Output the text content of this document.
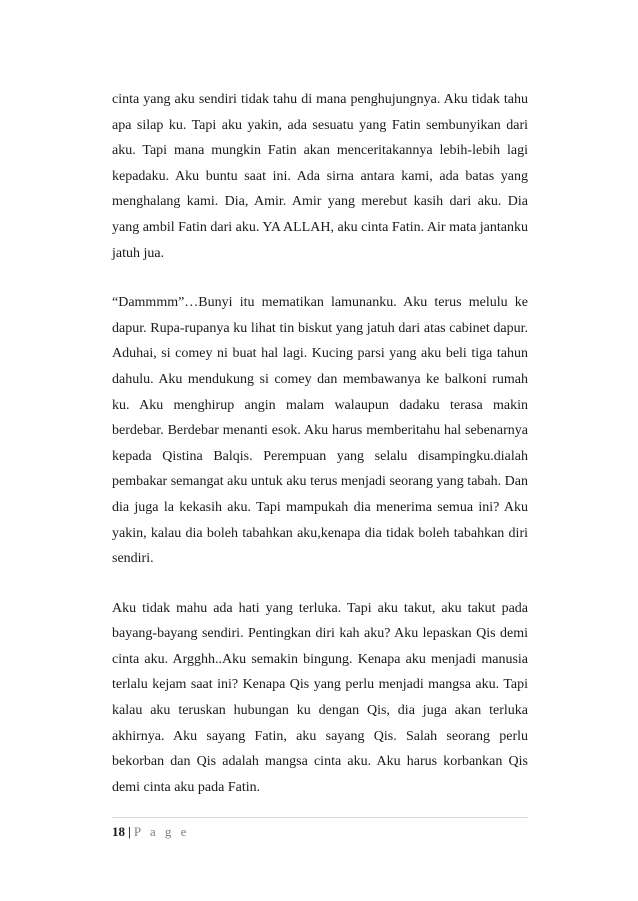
cinta yang aku sendiri tidak tahu di mana penghujungnya. Aku tidak tahu apa silap ku. Tapi aku yakin, ada sesuatu yang Fatin sembunyikan dari aku. Tapi mana mungkin Fatin akan menceritakannya lebih-lebih lagi kepadaku. Aku buntu saat ini. Ada sirna antara kami, ada batas yang menghalang kami. Dia, Amir. Amir yang merebut kasih dari aku. Dia yang ambil Fatin dari aku. YA ALLAH, aku cinta Fatin. Air mata jantanku jatuh jua.

“Dammmm”…Bunyi itu mematikan lamunanku. Aku terus melulu ke dapur. Rupa-rupanya ku lihat tin biskut yang jatuh dari atas cabinet dapur. Aduhai, si comey ni buat hal lagi. Kucing parsi yang aku beli tiga tahun dahulu. Aku mendukung si comey dan membawanya ke balkoni rumah ku. Aku menghirup angin malam walaupun dadaku terasa makin berdebar. Berdebar menanti esok. Aku harus memberitahu hal sebenarnya kepada Qistina Balqis. Perempuan yang selalu disampingku.dialah pembakar semangat aku untuk aku terus menjadi seorang yang tabah. Dan dia juga la kekasih aku. Tapi mampukah dia menerima semua ini? Aku yakin, kalau dia boleh tabahkan aku,kenapa dia tidak boleh tabahkan diri sendiri.

Aku tidak mahu ada hati yang terluka. Tapi aku takut, aku takut pada bayang-bayang sendiri. Pentingkan diri kah aku? Aku lepaskan Qis demi cinta aku. Argghh..Aku semakin bingung. Kenapa aku menjadi manusia terlalu kejam saat ini? Kenapa Qis yang perlu menjadi mangsa aku. Tapi kalau aku teruskan hubungan ku dengan Qis, dia juga akan terluka akhirnya. Aku sayang Fatin, aku sayang Qis. Salah seorang perlu bekorban dan Qis adalah mangsa cinta aku. Aku harus korbankan Qis demi cinta aku pada Fatin.

18 | P a g e
